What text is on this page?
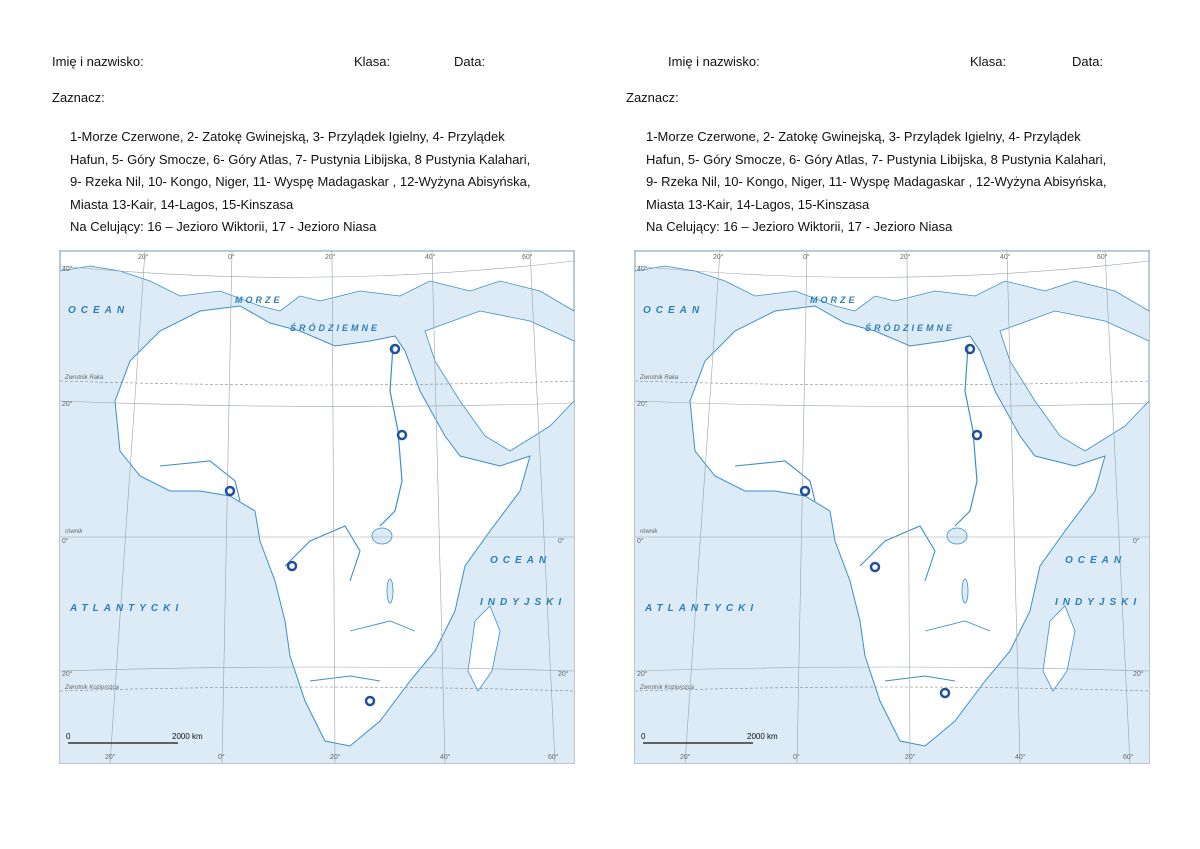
Imię i nazwisko:	Klasa:	Data:
Zaznacz:

1-Morze Czerwone, 2- Zatokę Gwinejską, 3- Przylądek Igielny, 4- Przylądek

Hafun, 5- Góry Smocze, 6- Góry Atlas, 7- Pustynia Libijska, 8 Pustynia Kalahari,

9- Rzeka Nil, 10- Kongo, Niger, 11- Wyspę Madagaskar , 12-Wyżyna Abisyńska,

Miasta 13-Kair, 14-Lagos, 15-Kinszasa

Na Celujący: 16 – Jezioro Wiktorii, 17 - Jezioro Niasa

OCEAN
ATLANTYCKI
OCEAN
INDYJSKI
MORZE
ŚRÓDZIEMNE
Zwrotnik Raka
równik
Zwrotnik Koziorożca
40°
20°
0°
20°
0°
20°
20°	0°	20°	40°	60°
20°	0°	20°	40°	60°
0	2000 km
Imię i nazwisko:	Klasa:	Data:
Zaznacz:

1-Morze Czerwone, 2- Zatokę Gwinejską, 3- Przylądek Igielny, 4- Przylądek

Hafun, 5- Góry Smocze, 6- Góry Atlas, 7- Pustynia Libijska, 8 Pustynia Kalahari,

9- Rzeka Nil, 10- Kongo, Niger, 11- Wyspę Madagaskar , 12-Wyżyna Abisyńska,

Miasta 13-Kair, 14-Lagos, 15-Kinszasa

Na Celujący: 16 – Jezioro Wiktorii, 17 - Jezioro Niasa

OCEAN
ATLANTYCKI
OCEAN
INDYJSKI
MORZE
ŚRÓDZIEMNE
Zwrotnik Raka
równik
Zwrotnik Koziorożca
40°
20°
0°
20°
0°
20°
20°	0°	20°	40°	60°
20°	0°	20°	40°	60°
0	2000 km
